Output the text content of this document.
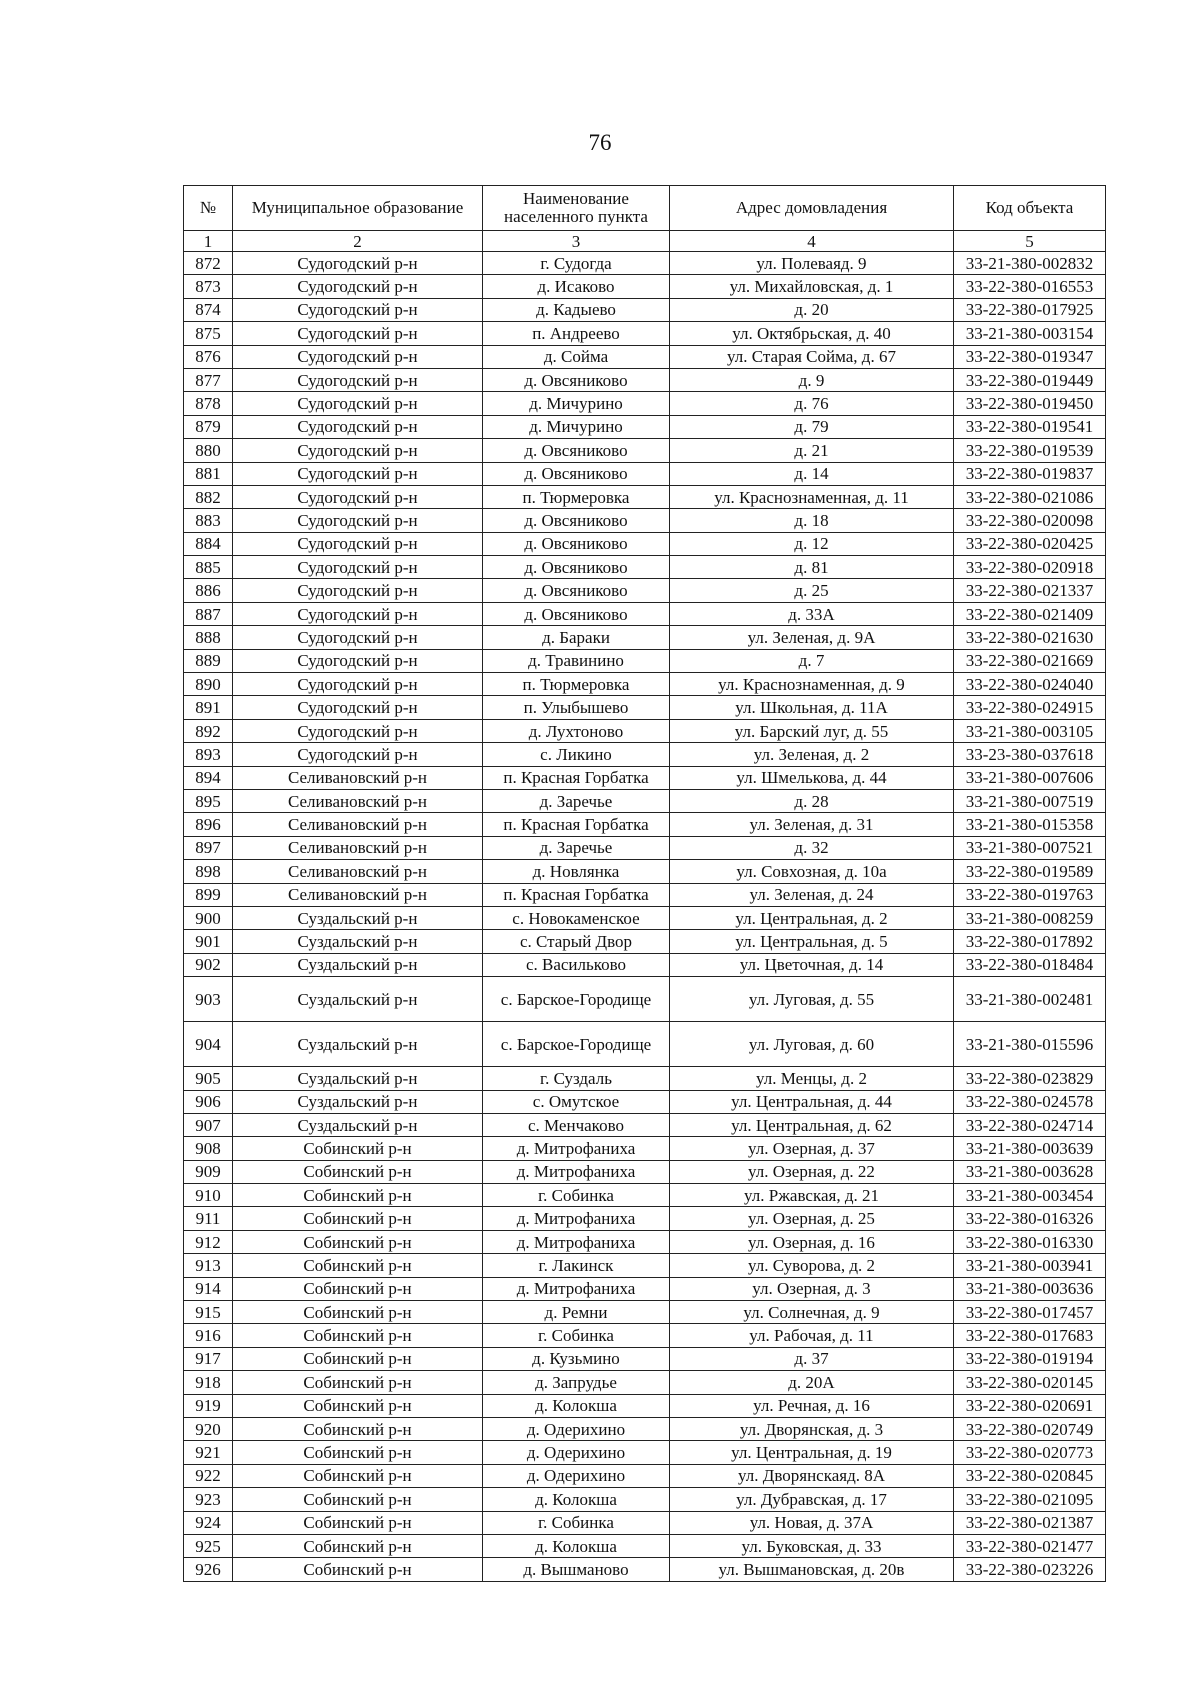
76
№	Муниципальное образование	Наименование населенного пункта	Адрес домовладения	Код объекта
1	2	3	4	5
872	Судогодский р-н	г. Судогда	ул. Полеваяд. 9	33-21-380-002832
873	Судогодский р-н	д. Исаково	ул. Михайловская, д. 1	33-22-380-016553
874	Судогодский р-н	д. Кадыево	д. 20	33-22-380-017925
875	Судогодский р-н	п. Андреево	ул. Октябрьская, д. 40	33-21-380-003154
876	Судогодский р-н	д. Сойма	ул. Старая Сойма, д. 67	33-22-380-019347
877	Судогодский р-н	д. Овсяниково	д. 9	33-22-380-019449
878	Судогодский р-н	д. Мичурино	д. 76	33-22-380-019450
879	Судогодский р-н	д. Мичурино	д. 79	33-22-380-019541
880	Судогодский р-н	д. Овсяниково	д. 21	33-22-380-019539
881	Судогодский р-н	д. Овсяниково	д. 14	33-22-380-019837
882	Судогодский р-н	п. Тюрмеровка	ул. Краснознаменная, д. 11	33-22-380-021086
883	Судогодский р-н	д. Овсяниково	д. 18	33-22-380-020098
884	Судогодский р-н	д. Овсяниково	д. 12	33-22-380-020425
885	Судогодский р-н	д. Овсяниково	д. 81	33-22-380-020918
886	Судогодский р-н	д. Овсяниково	д. 25	33-22-380-021337
887	Судогодский р-н	д. Овсяниково	д. 33А	33-22-380-021409
888	Судогодский р-н	д. Бараки	ул. Зеленая, д. 9А	33-22-380-021630
889	Судогодский р-н	д. Травинино	д. 7	33-22-380-021669
890	Судогодский р-н	п. Тюрмеровка	ул. Краснознаменная, д. 9	33-22-380-024040
891	Судогодский р-н	п. Улыбышево	ул. Школьная, д. 11А	33-22-380-024915
892	Судогодский р-н	д. Лухтоново	ул. Барский луг, д. 55	33-21-380-003105
893	Судогодский р-н	с. Ликино	ул. Зеленая, д. 2	33-23-380-037618
894	Селивановский р-н	п. Красная Горбатка	ул. Шмелькова, д. 44	33-21-380-007606
895	Селивановский р-н	д. Заречье	д. 28	33-21-380-007519
896	Селивановский р-н	п. Красная Горбатка	ул. Зеленая, д. 31	33-21-380-015358
897	Селивановский р-н	д. Заречье	д. 32	33-21-380-007521
898	Селивановский р-н	д. Новлянка	ул. Совхозная, д. 10а	33-22-380-019589
899	Селивановский р-н	п. Красная Горбатка	ул. Зеленая, д. 24	33-22-380-019763
900	Суздальский р-н	с. Новокаменское	ул. Центральная, д. 2	33-21-380-008259
901	Суздальский р-н	с. Старый Двор	ул. Центральная, д. 5	33-22-380-017892
902	Суздальский р-н	с. Васильково	ул. Цветочная, д. 14	33-22-380-018484
903	Суздальский р-н	с. Барское-Городище	ул. Луговая, д. 55	33-21-380-002481
904	Суздальский р-н	с. Барское-Городище	ул. Луговая, д. 60	33-21-380-015596
905	Суздальский р-н	г. Суздаль	ул. Менцы, д. 2	33-22-380-023829
906	Суздальский р-н	с. Омутское	ул. Центральная, д. 44	33-22-380-024578
907	Суздальский р-н	с. Менчаково	ул. Центральная, д. 62	33-22-380-024714
908	Собинский р-н	д. Митрофаниха	ул. Озерная, д. 37	33-21-380-003639
909	Собинский р-н	д. Митрофаниха	ул. Озерная, д. 22	33-21-380-003628
910	Собинский р-н	г. Собинка	ул. Ржавская, д. 21	33-21-380-003454
911	Собинский р-н	д. Митрофаниха	ул. Озерная, д. 25	33-22-380-016326
912	Собинский р-н	д. Митрофаниха	ул. Озерная, д. 16	33-22-380-016330
913	Собинский р-н	г. Лакинск	ул. Суворова, д. 2	33-21-380-003941
914	Собинский р-н	д. Митрофаниха	ул. Озерная, д. 3	33-21-380-003636
915	Собинский р-н	д. Ремни	ул. Солнечная, д. 9	33-22-380-017457
916	Собинский р-н	г. Собинка	ул. Рабочая, д. 11	33-22-380-017683
917	Собинский р-н	д. Кузьмино	д. 37	33-22-380-019194
918	Собинский р-н	д. Запрудье	д. 20А	33-22-380-020145
919	Собинский р-н	д. Колокша	ул. Речная, д. 16	33-22-380-020691
920	Собинский р-н	д. Одерихино	ул. Дворянская, д. 3	33-22-380-020749
921	Собинский р-н	д. Одерихино	ул. Центральная, д. 19	33-22-380-020773
922	Собинский р-н	д. Одерихино	ул. Дворянскаяд. 8А	33-22-380-020845
923	Собинский р-н	д. Колокша	ул. Дубравская, д. 17	33-22-380-021095
924	Собинский р-н	г. Собинка	ул. Новая, д. 37А	33-22-380-021387
925	Собинский р-н	д. Колокша	ул. Буковская, д. 33	33-22-380-021477
926	Собинский р-н	д. Вышманово	ул. Вышмановская, д. 20в	33-22-380-023226
